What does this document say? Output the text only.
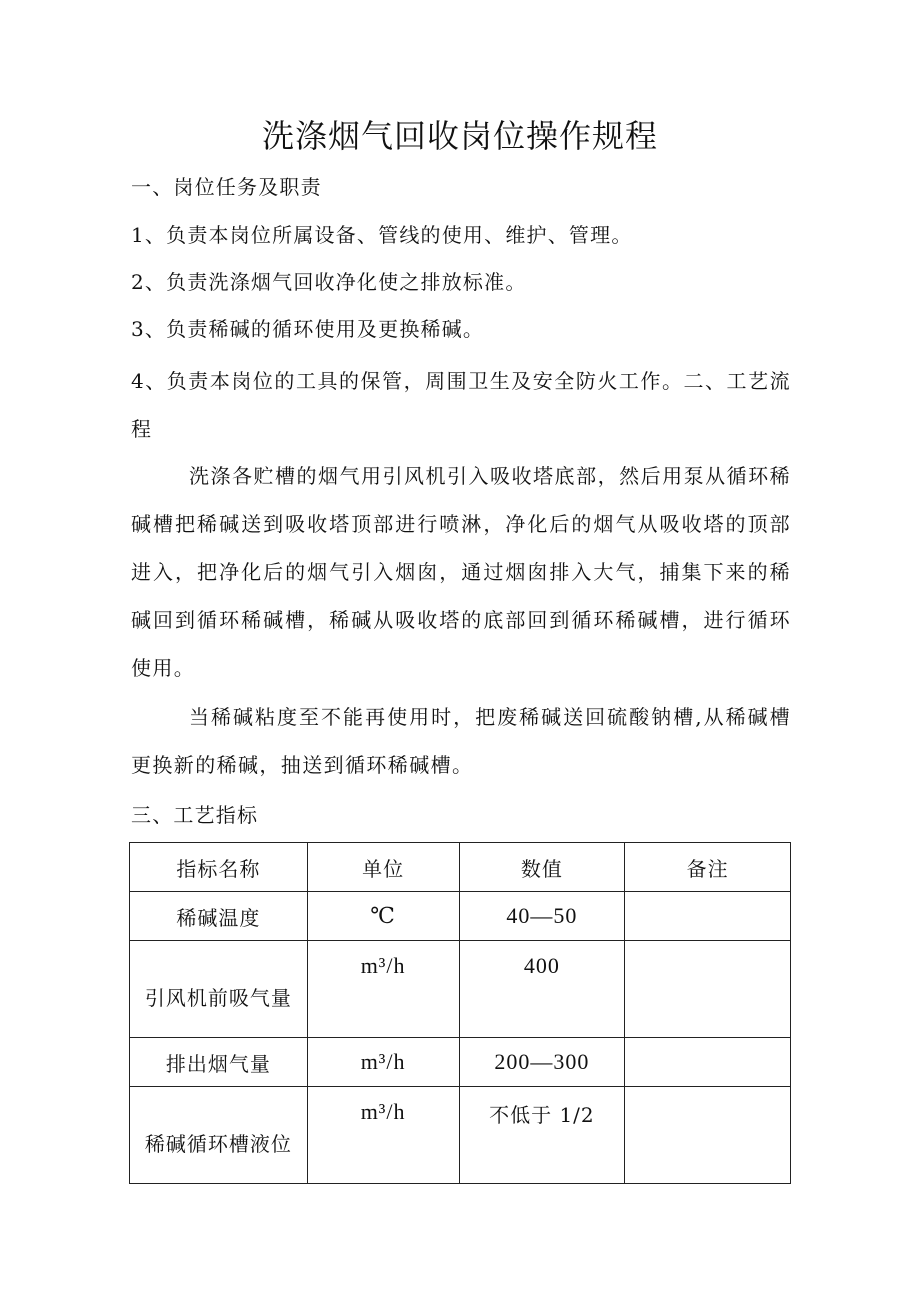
洗涤烟气回收岗位操作规程
一、岗位任务及职责
1、负责本岗位所属设备、管线的使用、维护、管理。
2、负责洗涤烟气回收净化使之排放标准。
3、负责稀碱的循环使用及更换稀碱。
4、负责本岗位的工具的保管，周围卫生及安全防火工作。二、工艺流程
洗涤各贮槽的烟气用引风机引入吸收塔底部，然后用泵从循环稀碱槽把稀碱送到吸收塔顶部进行喷淋，净化后的烟气从吸收塔的顶部进入，把净化后的烟气引入烟囱，通过烟囱排入大气，捕集下来的稀碱回到循环稀碱槽，稀碱从吸收塔的底部回到循环稀碱槽，进行循环使用。
当稀碱粘度至不能再使用时，把废稀碱送回硫酸钠槽,从稀碱槽更换新的稀碱，抽送到循环稀碱槽。
三、工艺指标
指标名称	单位	数值	备注
稀碱温度	℃	40—50	

引风机前吸气量	m³/h	400	

排出烟气量	m³/h	200—300	

稀碱循环槽液位	m³/h	不低于 1/2	
